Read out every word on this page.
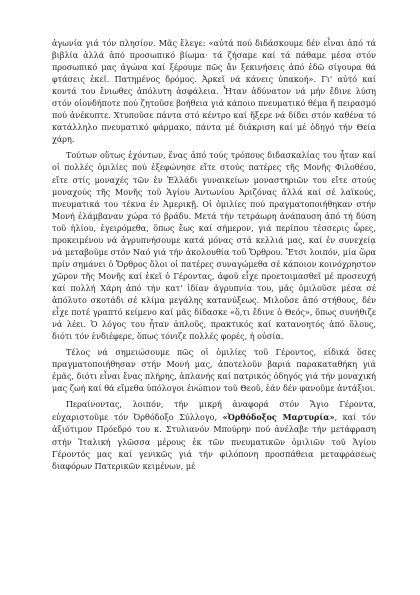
ἀγωνία γιά τόν πλησίον. Μᾶς ἔλεγε: «αὐτά πού διδάσκουμε δέν εἶναι ἀπό τά βιβλία ἀλλά ἀπό προσωπικό βίωμα· τά ζήσαμε καί τά πάθαμε μέσα στόν προσωπικό μας ἀγώνα καί ξέρουμε πῶς ἄν ξεκινήσεις ἀπό ἐδῶ σίγουρα θά φτάσεις ἐκεῖ. Πατημένος δρόμος. Ἀρκεῖ νά κάνεις ὑπακοή». Γι' αὐτό καί κοντά του ἔνιωθες ἀπόλυτη ἀσφάλεια. Ἦταν ἀδύνατον νά μήν ἔδινε λύση στόν οἱονδήποτε πού ζητοῦσε βοήθεια γιά κάποιο πνευματικό θέμα ἤ πειρασμό πού ἀνέκυπτε. Χτυποῦσε πάντα στό κέντρο καί ἤξερε νά δίδει στόν καθένα τό κατάλληλο πνευματικό φάρμακο, πάντα μέ διάκριση καί μέ ὁδηγό τήν Θεία χάρη.

Τούτων οὕτως ἐχόντων, ἕνας ἀπό τούς τρόπους διδασκαλίας του ἦταν καί οἱ πολλές ὁμιλίες πού ἐξεφώνησε εἴτε στούς πατέρες τῆς Μονῆς Φιλοθέου, εἴτε στίς μοναχές τῶν ἐν Ἑλλάδι γυναικείων μοναστηριῶν του εἴτε στούς μοναχούς τῆς Μονῆς τοῦ Ἁγίου Ἀντωνίου Ἀριζόνας ἀλλά καί σέ λαϊκούς, πνευματικά του τέκνα ἐν Ἀμερικῇ. Οἱ ὁμιλίες πού πραγματοποιήθηκαν στήν Μονή ἐλάμβαναν χώρα τό βράδυ. Μετά τήν τετράωρη ἀνάπαυση ἀπό τή δύση τοῦ ἡλίου, ἐγειρόμεθα, ὅπως ἔως καί σήμερον, γιά περίπου τέσσερις ὧρες, προκειμένου νά ἀγρυπνήσουμε κατά μόνας στά κελλιά μας, καί ἐν συνεχείᾳ νά μεταβοῦμε στόν Ναό γιά τήν ἀκολουθία τοῦ Ὄρθρου. Ἔτσι λοιπόν, μία ὥρα πρίν σημάνει ὁ Ὄρθρος ὅλοι οἱ πατέρες συναγώμεθα σέ κάποιον κοινόχρηστον χῶρον τῆς Μονῆς καί ἐκεῖ ὁ Γέροντας, ἀφοῦ εἶχε προετοιμασθεῖ μέ προσευχή καί πολλή Χάρη ἀπό τήν κατ' ἰδίαν ἀγρυπνία του, μᾶς ὁμιλοῦσε μέσα σέ ἀπόλυτο σκοτάδι σέ κλίμα μεγάλης κατανύξεως. Μιλοῦσε ἀπό στήθους, δέν εἶχε ποτέ γραπτό κείμενο καί μᾶς δίδασκε «ὅ,τι ἔδινε ὁ Θεός», ὅπως συνήθιζε νά λέει. Ὁ λόγος του ἦταν ἁπλοῦς, πρακτικός καί κατανοητός ἀπό ὅλους, διότι τόν ἐνδιέφερε, ὅπως τόνιζε πολλές φορές, ἡ οὐσία.

Τέλος νά σημειώσουμε πῶς οἱ ὁμιλίες τοῦ Γέροντος, εἰδικά ὅσες πραγματοποιήθησαν στήν Μονή μας, ἀποτελοῦν βαριά παρακαταθήκη γιά ἐμᾶς, διότι εἶναι ἔνας πλήρης, ἀπλανής καί πατρικός ὁδηγός γιά τήν μοναχική μας ζωή καί θά εἴμεθα ὑπόλογοι ἐνώπιον τοῦ Θεοῦ, ἐάν δέν φανοῦμε ἀντάξιοι.

Περαίνοντας, λοιπόν, τήν μικρή ἀναφορά στόν Ἅγιο Γέροντα, εὐχαριστοῦμε τόν Ὀρθόδοξο Σύλλογο, «Ὀρθόδοξος Μαρτυρία», καί τόν ἀξιότιμον Πρόεδρό του κ. Στυλιανόν Μπούρην πού ἀνέλαβε τήν μετάφραση στήν Ἰταλική γλῶσσα μέρους ἐκ τῶν πνευματικῶν ὁμιλιῶν τοῦ Ἁγίου Γέροντός μας καί γενικῶς γιά τήν φιλόπονη προσπάθεια μεταφράσεως διαφόρων Πατερικῶν κειμένων, μέ
